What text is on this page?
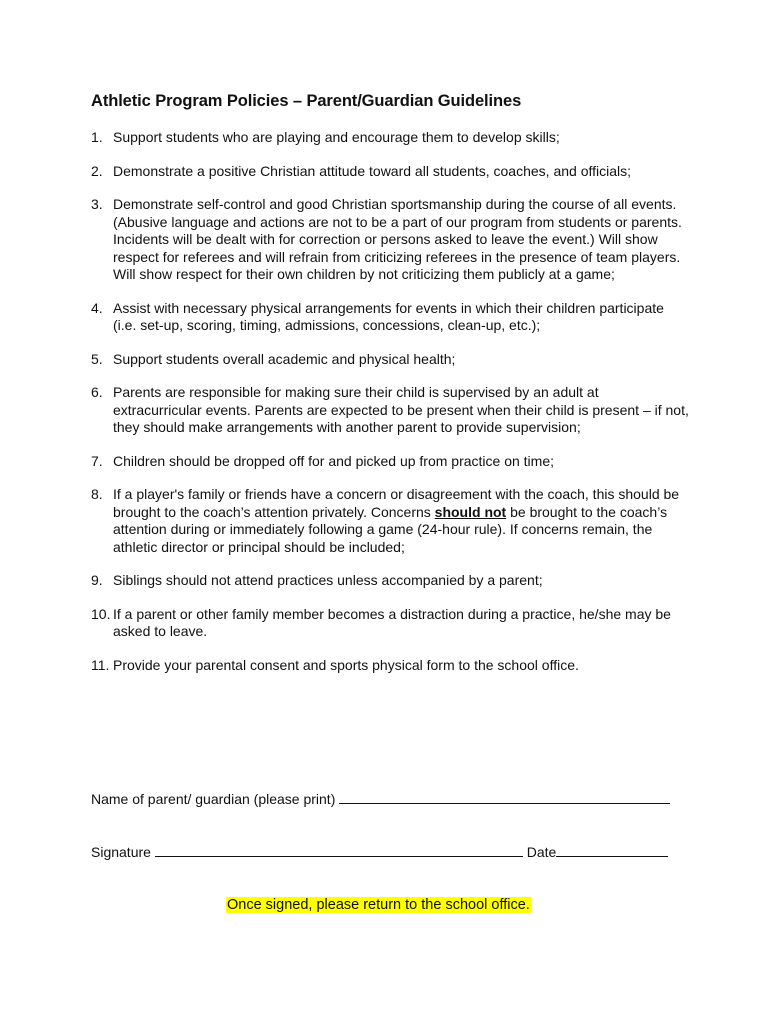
Athletic Program Policies – Parent/Guardian Guidelines
1. Support students who are playing and encourage them to develop skills;
2. Demonstrate a positive Christian attitude toward all students, coaches, and officials;
3. Demonstrate self-control and good Christian sportsmanship during the course of all events. (Abusive language and actions are not to be a part of our program from students or parents. Incidents will be dealt with for correction or persons asked to leave the event.) Will show respect for referees and will refrain from criticizing referees in the presence of team players. Will show respect for their own children by not criticizing them publicly at a game;
4. Assist with necessary physical arrangements for events in which their children participate (i.e. set-up, scoring, timing, admissions, concessions, clean-up, etc.);
5. Support students overall academic and physical health;
6. Parents are responsible for making sure their child is supervised by an adult at extracurricular events. Parents are expected to be present when their child is present – if not, they should make arrangements with another parent to provide supervision;
7. Children should be dropped off for and picked up from practice on time;
8. If a player's family or friends have a concern or disagreement with the coach, this should be brought to the coach’s attention privately. Concerns should not be brought to the coach’s attention during or immediately following a game (24-hour rule). If concerns remain, the athletic director or principal should be included;
9. Siblings should not attend practices unless accompanied by a parent;
10. If a parent or other family member becomes a distraction during a practice, he/she may be asked to leave.
11. Provide your parental consent and sports physical form to the school office.
Name of parent/ guardian (please print)
Signature	Date
Once signed, please return to the school office.
